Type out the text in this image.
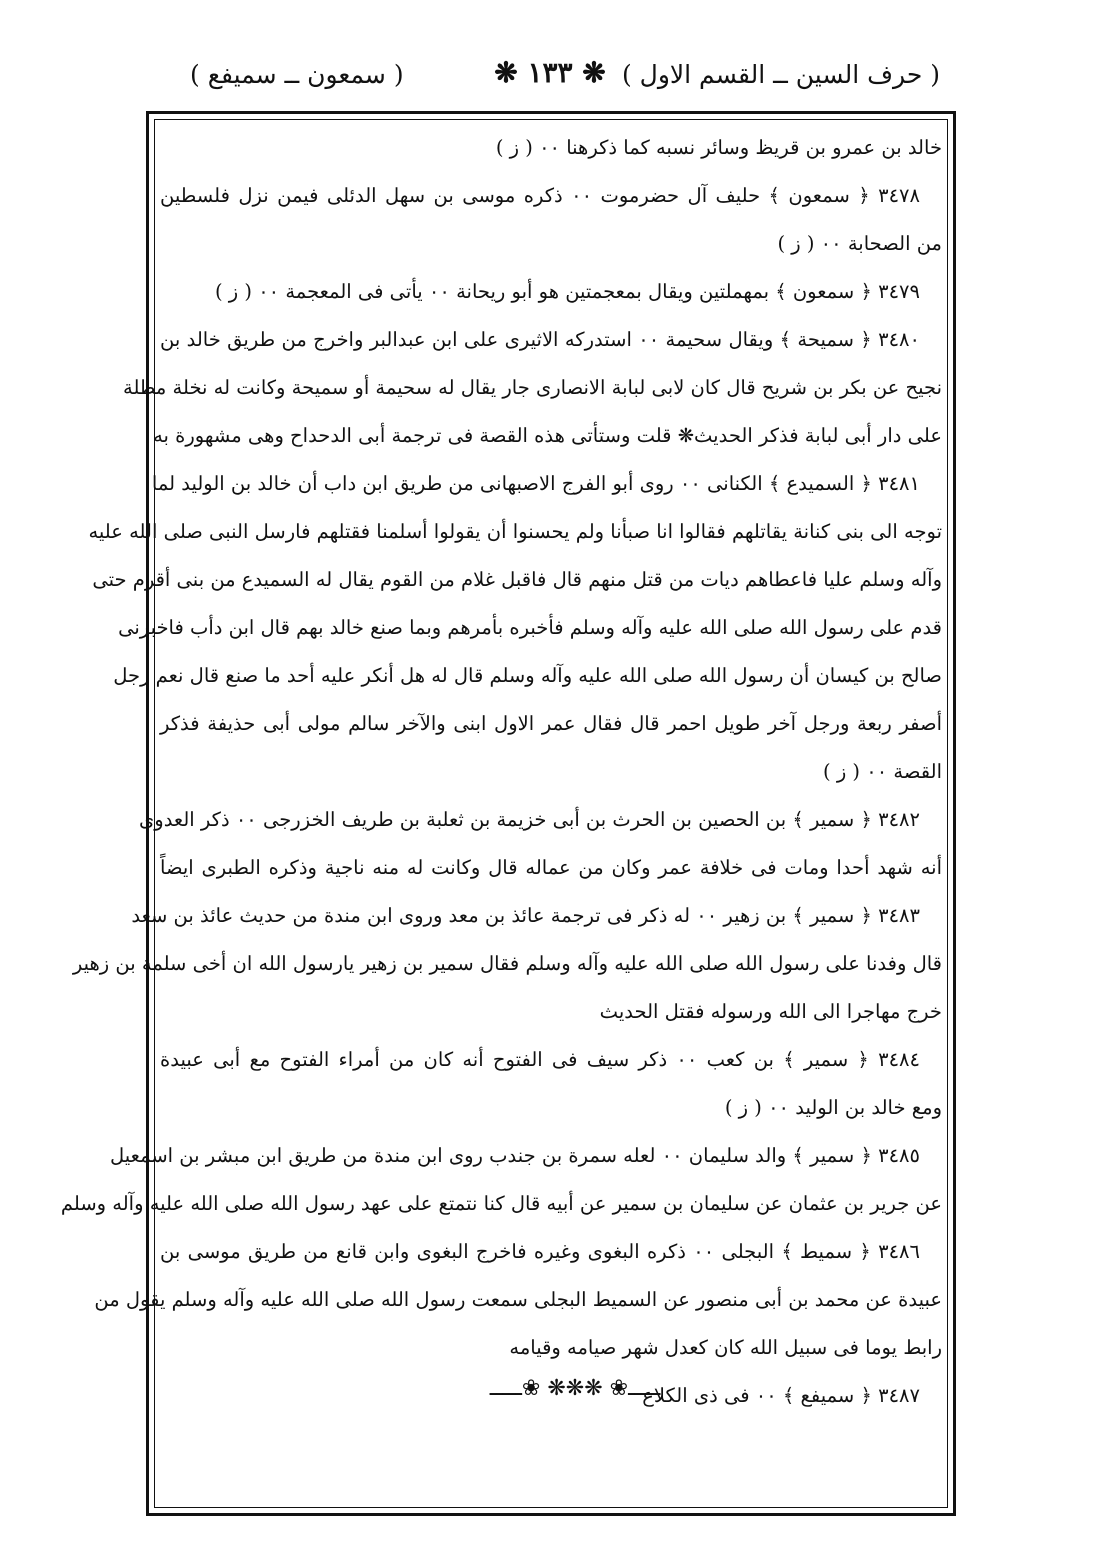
( حرف السين ــ القسم الاول )
❋ ١٣٣ ❋
( سمعون ــ سميفع )
خالد بن عمرو بن قريظ وسائر نسبه كما ذكرهنا ٠٠ ( ز )
٣٤٧٨ ﴿ سمعون ﴾ حليف آل حضرموت ٠٠ ذكره موسى بن سهل الدئلى فيمن نزل فلسطين
من الصحابة ٠٠ ( ز )
٣٤٧٩ ﴿ سمعون ﴾ بمهملتين ويقال بمعجمتين هو أبو ريحانة ٠٠ يأتى فى المعجمة ٠٠ ( ز )
٣٤٨٠ ﴿ سميحة ﴾ ويقال سحيمة ٠٠ استدركه الاثيرى على ابن عبدالبر واخرج من طريق خالد بن
نجيح عن بكر بن شريح قال كان لابى لبابة الانصارى جار يقال له سحيمة أو سميحة وكانت له نخلة مظلة
على دار أبى لبابة فذكر الحديث❋ قلت وستأتى هذه القصة فى ترجمة أبى الدحداح وهى مشهورة به
٣٤٨١ ﴿ السميدع ﴾ الكنانى ٠٠ روى أبو الفرج الاصبهانى من طريق ابن داب أن خالد بن الوليد لما
توجه الى بنى كنانة يقاتلهم فقالوا انا صبأنا ولم يحسنوا أن يقولوا أسلمنا فقتلهم فارسل النبى صلى الله عليه
وآله وسلم عليا فاعطاهم ديات من قتل منهم قال فاقبل غلام من القوم يقال له السميدع من بنى أقرم حتى
قدم على رسول الله صلى الله عليه وآله وسلم فأخبره بأمرهم وبما صنع خالد بهم قال ابن دأب فاخبرنى
صالح بن كيسان أن رسول الله صلى الله عليه وآله وسلم قال له هل أنكر عليه أحد ما صنع قال نعم رجل
أصفر ربعة ورجل آخر طويل احمر قال فقال عمر الاول ابنى والآخر سالم مولى أبى حذيفة فذكر
القصة ٠٠ ( ز )
٣٤٨٢ ﴿ سمير ﴾ بن الحصين بن الحرث بن أبى خزيمة بن ثعلبة بن طريف الخزرجى ٠٠ ذكر العدوى
أنه شهد أحدا ومات فى خلافة عمر وكان من عماله قال وكانت له منه ناجية وذكره الطبرى ايضاً
٣٤٨٣ ﴿ سمير ﴾ بن زهير ٠٠ له ذكر فى ترجمة عائذ بن معد وروى ابن مندة من حديث عائذ بن سعد
قال وفدنا على رسول الله صلى الله عليه وآله وسلم فقال سمير بن زهير يارسول الله ان أخى سلمة بن زهير
خرج مهاجرا الى الله ورسوله فقتل الحديث
٣٤٨٤ ﴿ سمير ﴾ بن كعب ٠٠ ذكر سيف فى الفتوح أنه كان من أمراء الفتوح مع أبى عبيدة
ومع خالد بن الوليد ٠٠ ( ز )
٣٤٨٥ ﴿ سمير ﴾ والد سليمان ٠٠ لعله سمرة بن جندب روى ابن مندة من طريق ابن مبشر بن اسمعيل
عن جرير بن عثمان عن سليمان بن سمير عن أبيه قال كنا نتمتع على عهد رسول الله صلى الله عليه وآله وسلم
٣٤٨٦ ﴿ سميط ﴾ البجلى ٠٠ ذكره البغوى وغيره فاخرج البغوى وابن قانع من طريق موسى بن
عبيدة عن محمد بن أبى منصور عن السميط البجلى سمعت رسول الله صلى الله عليه وآله وسلم يقول من
رابط يوما فى سبيل الله كان كعدل شهر صيامه وقيامه
٣٤٨٧ ﴿ سميفع ﴾ ٠٠ فى ذى الكلاع
ـــــ❀ ❋❋❋ ❀ـــــ
